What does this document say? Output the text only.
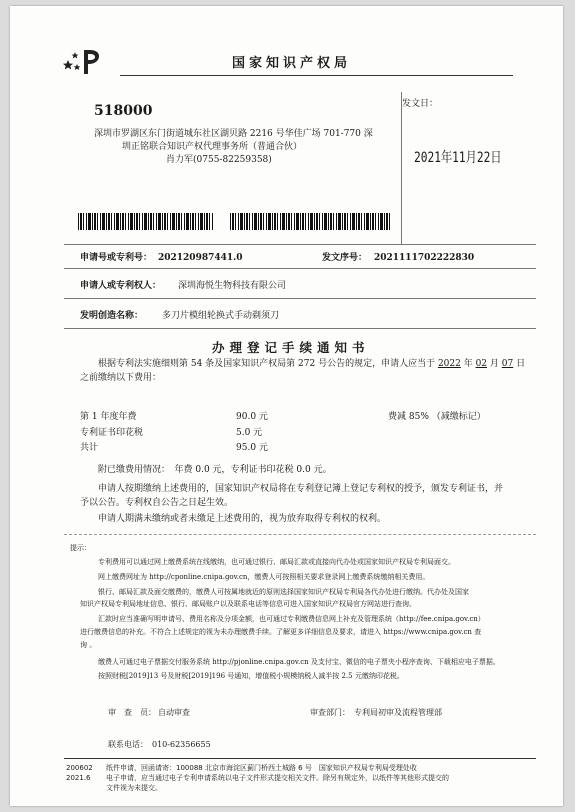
国家知识产权局
518000
深圳市罗湖区东门街道城东社区湖贝路 2216 号华佳广场 701-770 深
圳正铭联合知识产权代理事务所（普通合伙）
肖力军(0755-82259358)
发文日：
2021年11月22日
申请号或专利号： 202120987441.0	发文序号： 2021111702222830
申请人或专利权人： 深圳海悦生物科技有限公司
发明创造名称： 多刀片模组轮换式手动剃须刀
办理登记手续通知书
根据专利法实施细则第 54 条及国家知识产权局第 272 号公告的规定，申请人应当于 2022 年 02 月 07 日
之前缴纳以下费用：
第 1 年度年费	90.0 元	费减 85% （减缴标记）
专利证书印花税	5.0 元
共计	95.0 元
附已缴费用情况：　年费 0.0 元，专利证书印花税 0.0 元。
申请人按期缴纳上述费用的，国家知识产权局将在专利登记簿上登记专利权的授予，颁发专利证书，并
予以公告。专利权自公告之日起生效。
申请人期满未缴纳或者未缴足上述费用的，视为放弃取得专利权的权利。
提示：
专利费用可以通过网上缴费系统在线缴纳，也可通过银行、邮局汇款或直接向代办处或国家知识产权局专利局面交。
网上缴费网址为 http://cponline.cnipa.gov.cn，缴费人可按照相关要求登录网上缴费系统缴纳相关费用。
银行、邮局汇款及面交缴费的，缴费人可按属地就近的原则选择国家知识产权局专利局各代办处进行缴纳。代办处及国家
知识产权局专利局地址信息、银行、邮局账户以及联系电话等信息可进入国家知识产权局官方网站进行查询。
汇款时应当准确写明申请号、费用名称及分项金额，也可通过专利缴费信息网上补充及管理系统（http://fee.cnipa.gov.cn）
进行缴费信息的补充。不符合上述规定的视为未办理缴费手续。了解更多详细信息及要求，请进入 https://www.cnipa.gov.cn 查
询 。
缴费人可通过电子票据交付服务系统 http://pjonline.cnipa.gov.cn 及支付宝、微信的电子票夹小程序查询、下载相应电子票据。
按照财税[2019]13 号及财税[2019]196 号通知，增值税小规模纳税人减半按 2.5 元缴纳印花税。
审　查　员： 自动审查	审查部门： 专利局初审及流程管理部
联系电话： 010-62356655
200602
2021.6
纸件申请，回函请寄：100088 北京市海淀区蓟门桥西土城路 6 号　国家知识产权局专利局受理处收
电子申请，应当通过电子专利申请系统以电子文件形式提交相关文件。除另有规定外，以纸件等其他形式提交的
文件视为未提交。
